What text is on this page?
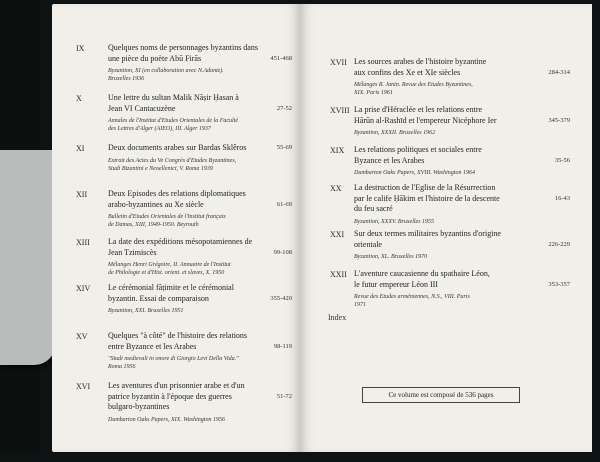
IX	Quelques noms de personnages byzantins dans
une pièce du poète Abū Firās
Byzantion, XI (en collaboration avec N.Adontz).
Bruxelles 1936
451-468
X	Une lettre du sultan Malik Nāṣir Ḥasan à
Jean VI Cantacuzène
Annales de l'Institut d'Etudes Orientales de la Faculté
des Lettres d'Alger (AIEO), III. Alger 1937
27-52
XI	Deux documents arabes sur Bardas Sklêros
Extrait des Actes du Ve Congrès d'Etudes Byzantines,
Studi Bizantini e Neoellenici, V. Roma 1939
55-69
XII	Deux Episodes des relations diplomatiques
arabo-byzantines au Xe siècle
Bulletin d'Etudes Orientales de l'Institut français
de Damas, XIII, 1949-1950. Beyrouth
61-69
XIII La date des expéditions mésopotamiennes de
Jean Tzimiscès
Mélanges Henri Grégoire, II. Annuaire de l'Institut
de Philologie et d'Hist. orient. et slaves, X. 1950
99-108
XIV Le cérémonial fāṭimite et le cérémonial
byzantin. Essai de comparaison
Byzantion, XXI. Bruxelles 1951
355-420
XV	Quelques "à côté" de l'histoire des relations
entre Byzance et les Arabes
"Studi medievali in onore di Giorgio Levi Della Vida."
Roma 1956
98-119
XVI Les aventures d'un prisonnier arabe et d'un
patrice byzantin à l'époque des guerres
bulgaro-byzantines
Dumbarton Oaks Papers, XIX. Washington 1956
51-72
XVII Les sources arabes de l'histoire byzantine
aux confins des Xe et XIe siècles
Mélanges R. Janin. Revue des Etudes Byzantines,
XIX. Paris 1961
284-314
XVIII La prise d'Héraclée et les relations entre
Hārūn al-Rashīd et l'empereur Nicéphore Ier
Byzantion, XXXII. Bruxelles 1962
345-379
XIX Les relations politiques et sociales entre
Byzance et les Arabes
Dumbarton Oaks Papers, XVIII. Washington 1964
35-56
XX La destruction de l'Eglise de la Résurrection
par le calife Ḥākim et l'histoire de la descente
du feu sacré
Byzantion, XXXV. Bruxelles 1955
16-43
XXI Sur deux termes militaires byzantins d'origine
orientale
Byzantion, XL. Bruxelles 1970
226-229
XXII L'aventure caucasienne du spathaire Léon,
le futur empereur Léon III
Revue des Etudes arméniennes, N.S., VIII. Paris
1971
353-357
Index
Ce volume est composé de 536 pages
